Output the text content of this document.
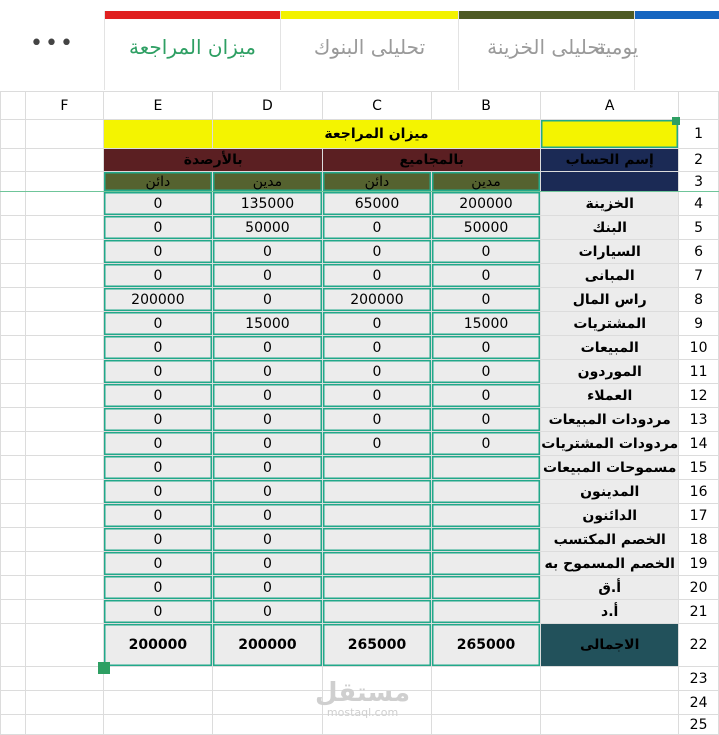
•••	ميزان المراجعة	تحليلى البنوك	تحليلى الخزينة
يومية
	F	E	D	C	B	A	
			ميزان المراجعة				1
		بالأرصدة		بالمجاميع		إسم الحساب	2
		دائن	مدين	دائن	مدين		3
		0	135000	65000	200000	الخزينة	4
		0	50000	0	50000	البنك	5
		0	0	0	0	السيارات	6
		0	0	0	0	المبانى	7
		200000	0	200000	0	راس المال	8
		0	15000	0	15000	المشتريات	9
		0	0	0	0	المبيعات	10
		0	0	0	0	الموردون	11
		0	0	0	0	العملاء	12
		0	0	0	0	مردودات المبيعات	13
		0	0	0	0	مردودات المشتريات	14
		0	0			مسموحات المبيعات	15
		0	0			المدينون	16
		0	0			الدائنون	17
		0	0			الخصم المكتسب	18
		0	0			الخصم المسموح به	19
		0	0			أ.ق	20
		0	0			أ.د	21
		200000	200000	265000	265000	الاجمالى	22
							23
							24
							25
مستقل
mostaql.com
